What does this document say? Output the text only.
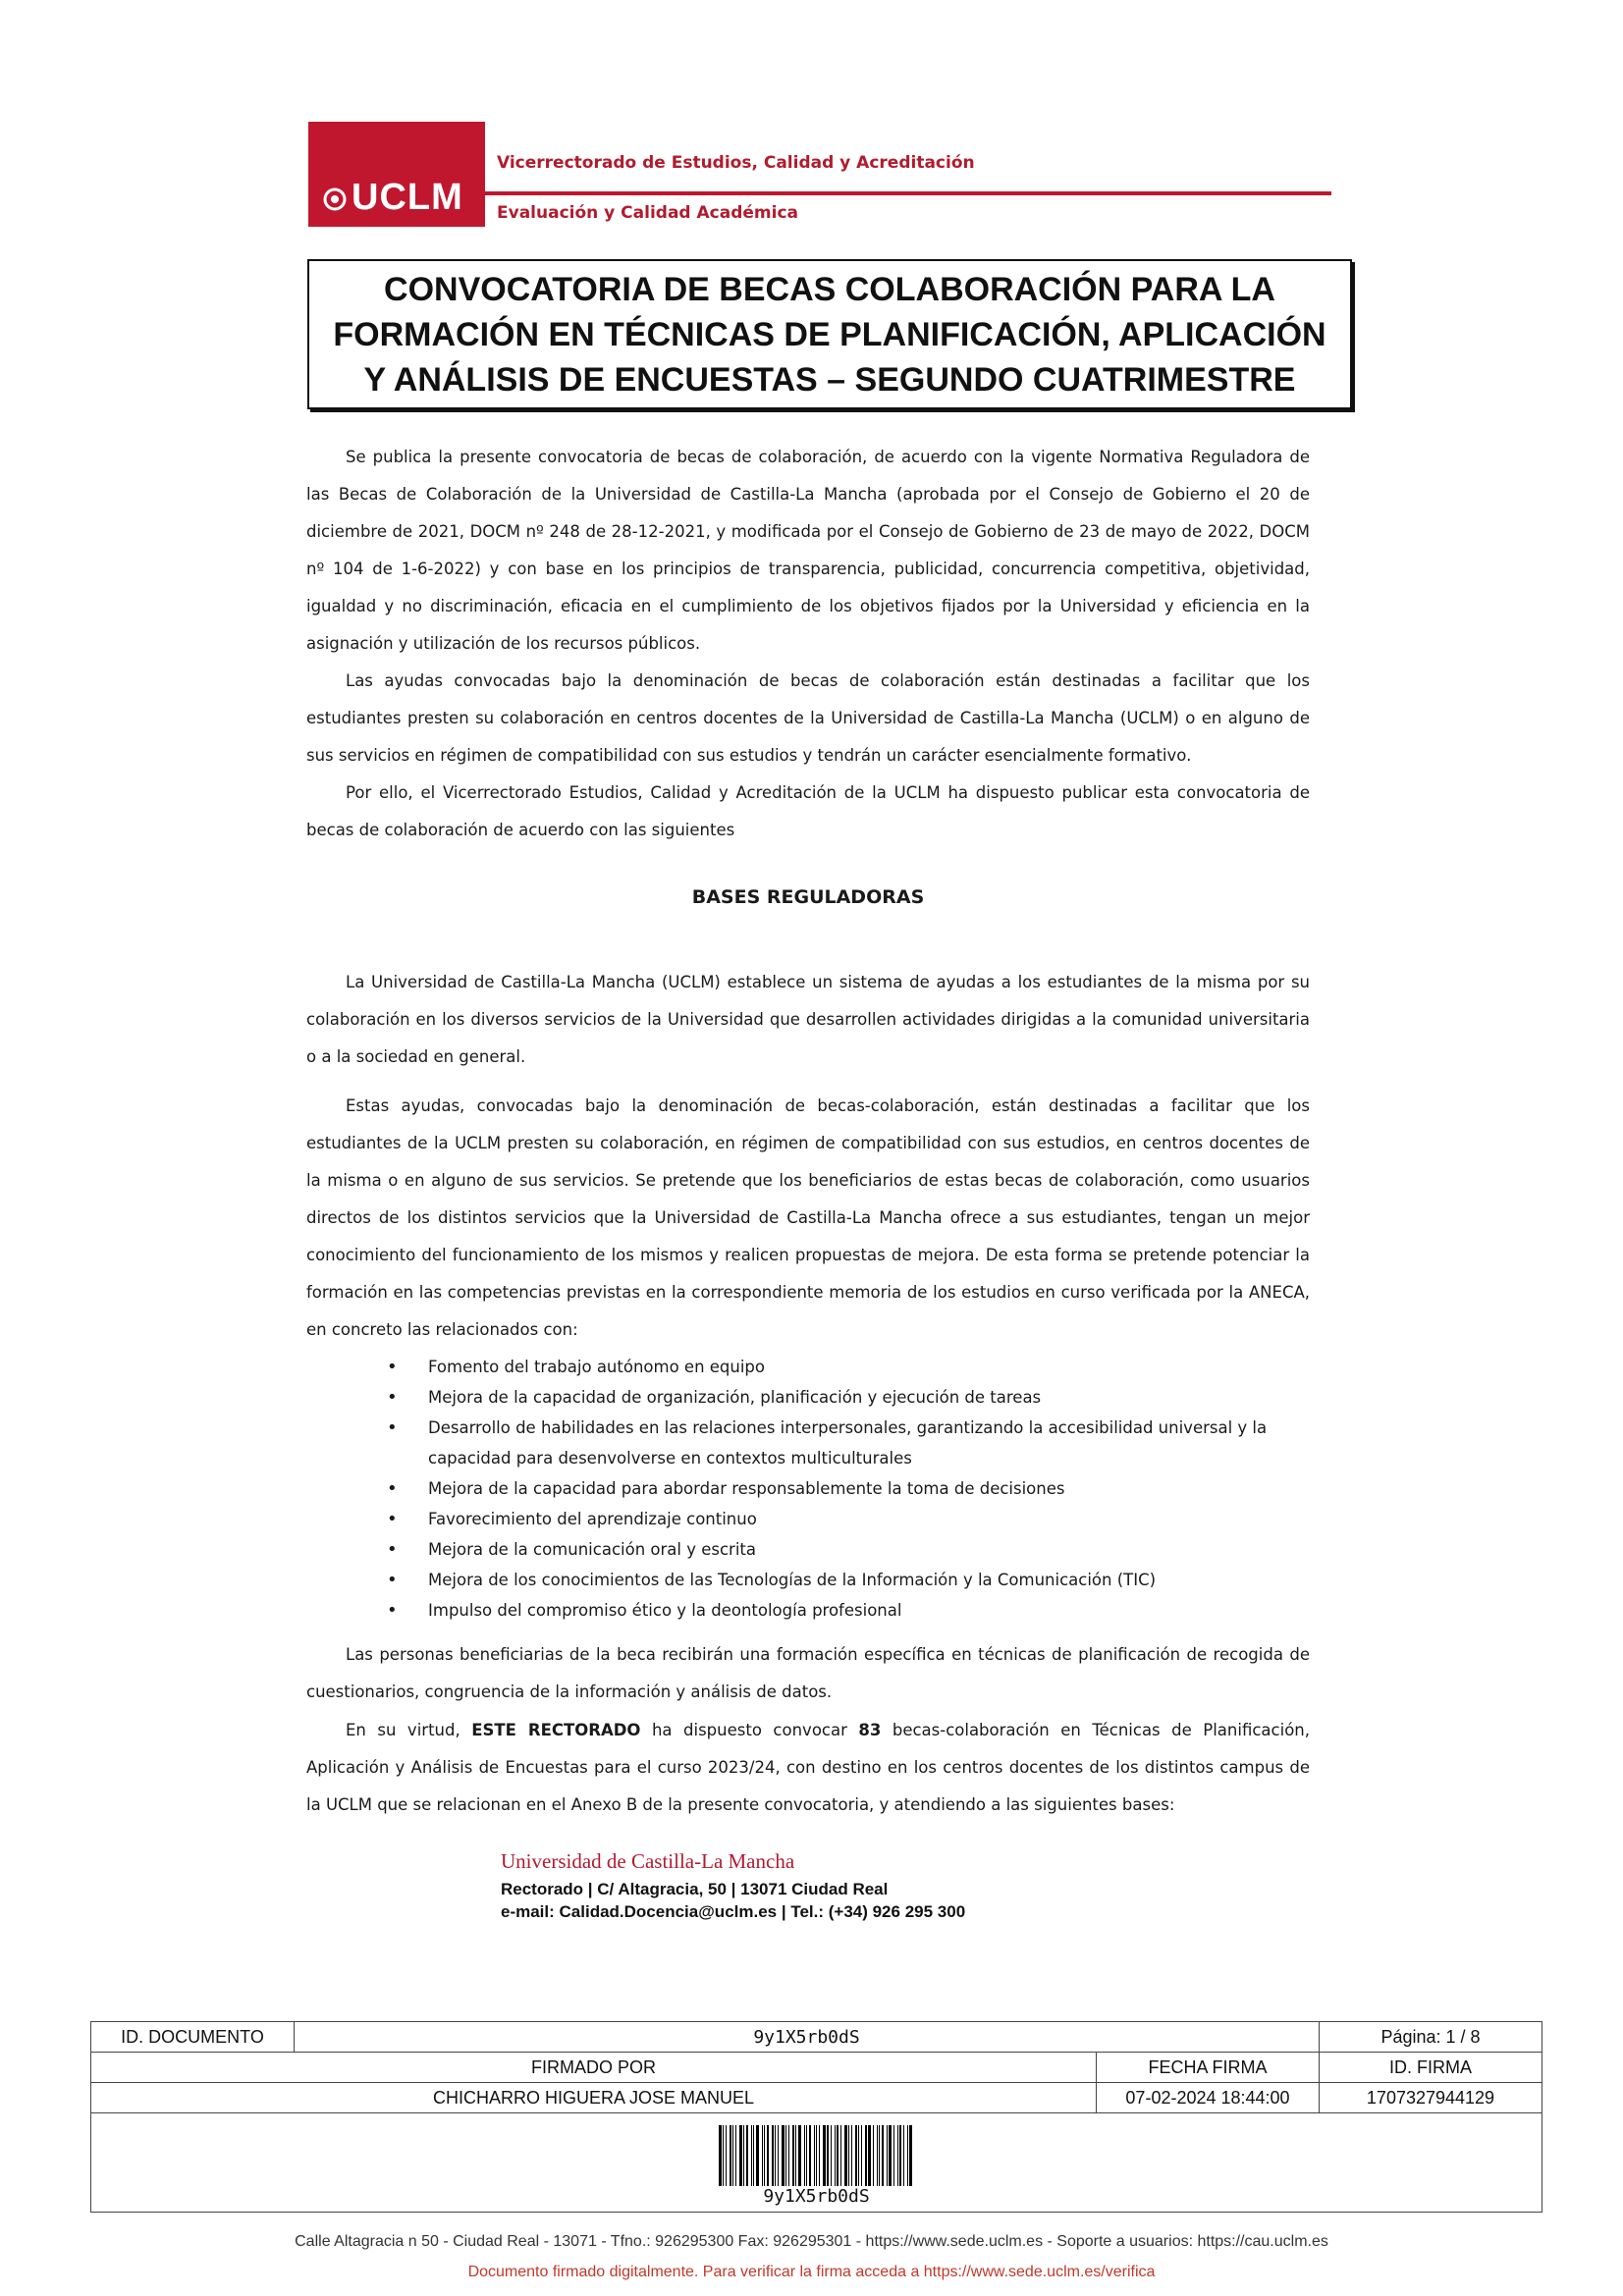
UCLM
Vicerrectorado de Estudios, Calidad y Acreditación
Evaluación y Calidad Académica
CONVOCATORIA DE BECAS COLABORACIÓN PARA LA
FORMACIÓN EN TÉCNICAS DE PLANIFICACIÓN, APLICACIÓN
Y ANÁLISIS DE ENCUESTAS – SEGUNDO CUATRIMESTRE

Se publica la presente convocatoria de becas de colaboración, de acuerdo con la vigente Normativa Reguladora de las Becas de Colaboración de la Universidad de Castilla-La Mancha (aprobada por el Consejo de Gobierno el 20 de diciembre de 2021, DOCM nº 248 de 28-12-2021, y modificada por el Consejo de Gobierno de 23 de mayo de 2022, DOCM nº 104 de 1-6-2022) y con base en los principios de transparencia, publicidad, concurrencia competitiva, objetividad, igualdad y no discriminación, eficacia en el cumplimiento de los objetivos fijados por la Universidad y eficiencia en la asignación y utilización de los recursos públicos.

Las ayudas convocadas bajo la denominación de becas de colaboración están destinadas a facilitar que los estudiantes presten su colaboración en centros docentes de la Universidad de Castilla-La Mancha (UCLM) o en alguno de sus servicios en régimen de compatibilidad con sus estudios y tendrán un carácter esencialmente formativo.

Por ello, el Vicerrectorado Estudios, Calidad y Acreditación de la UCLM ha dispuesto publicar esta convocatoria de becas de colaboración de acuerdo con las siguientes

BASES REGULADORAS

La Universidad de Castilla-La Mancha (UCLM) establece un sistema de ayudas a los estudiantes de la misma por su colaboración en los diversos servicios de la Universidad que desarrollen actividades dirigidas a la comunidad universitaria o a la sociedad en general.

Estas ayudas, convocadas bajo la denominación de becas-colaboración, están destinadas a facilitar que los estudiantes de la UCLM presten su colaboración, en régimen de compatibilidad con sus estudios, en centros docentes de la misma o en alguno de sus servicios. Se pretende que los beneficiarios de estas becas de colaboración, como usuarios directos de los distintos servicios que la Universidad de Castilla-La Mancha ofrece a sus estudiantes, tengan un mejor conocimiento del funcionamiento de los mismos y realicen propuestas de mejora. De esta forma se pretende potenciar la formación en las competencias previstas en la correspondiente memoria de los estudios en curso verificada por la ANECA, en concreto las relacionados con:

• Fomento del trabajo autónomo en equipo
• Mejora de la capacidad de organización, planificación y ejecución de tareas
• Desarrollo de habilidades en las relaciones interpersonales, garantizando la accesibilidad universal y la capacidad para desenvolverse en contextos multiculturales
• Mejora de la capacidad para abordar responsablemente la toma de decisiones
• Favorecimiento del aprendizaje continuo
• Mejora de la comunicación oral y escrita
• Mejora de los conocimientos de las Tecnologías de la Información y la Comunicación (TIC)
• Impulso del compromiso ético y la deontología profesional

Las personas beneficiarias de la beca recibirán una formación específica en técnicas de planificación de recogida de cuestionarios, congruencia de la información y análisis de datos.

En su virtud, ESTE RECTORADO ha dispuesto convocar 83 becas-colaboración en Técnicas de Planificación, Aplicación y Análisis de Encuestas para el curso 2023/24, con destino en los centros docentes de los distintos campus de la UCLM que se relacionan en el Anexo B de la presente convocatoria, y atendiendo a las siguientes bases:

Universidad de Castilla-La Mancha
Rectorado | C/ Altagracia, 50 | 13071 Ciudad Real
e-mail: Calidad.Docencia@uclm.es | Tel.: (+34) 926 295 300
ID. DOCUMENTO	9y1X5rb0dS		Página: 1 / 8
FIRMADO POR		FECHA FIRMA	ID. FIRMA
CHICHARRO HIGUERA JOSE MANUEL		07-02-2024 18:44:00	1707327944129

9y1X5rb0dS			
Calle Altagracia n 50 - Ciudad Real - 13071 - Tfno.: 926295300 Fax: 926295301 - https://www.sede.uclm.es - Soporte a usuarios: https://cau.uclm.es
Documento firmado digitalmente. Para verificar la firma acceda a https://www.sede.uclm.es/verifica
